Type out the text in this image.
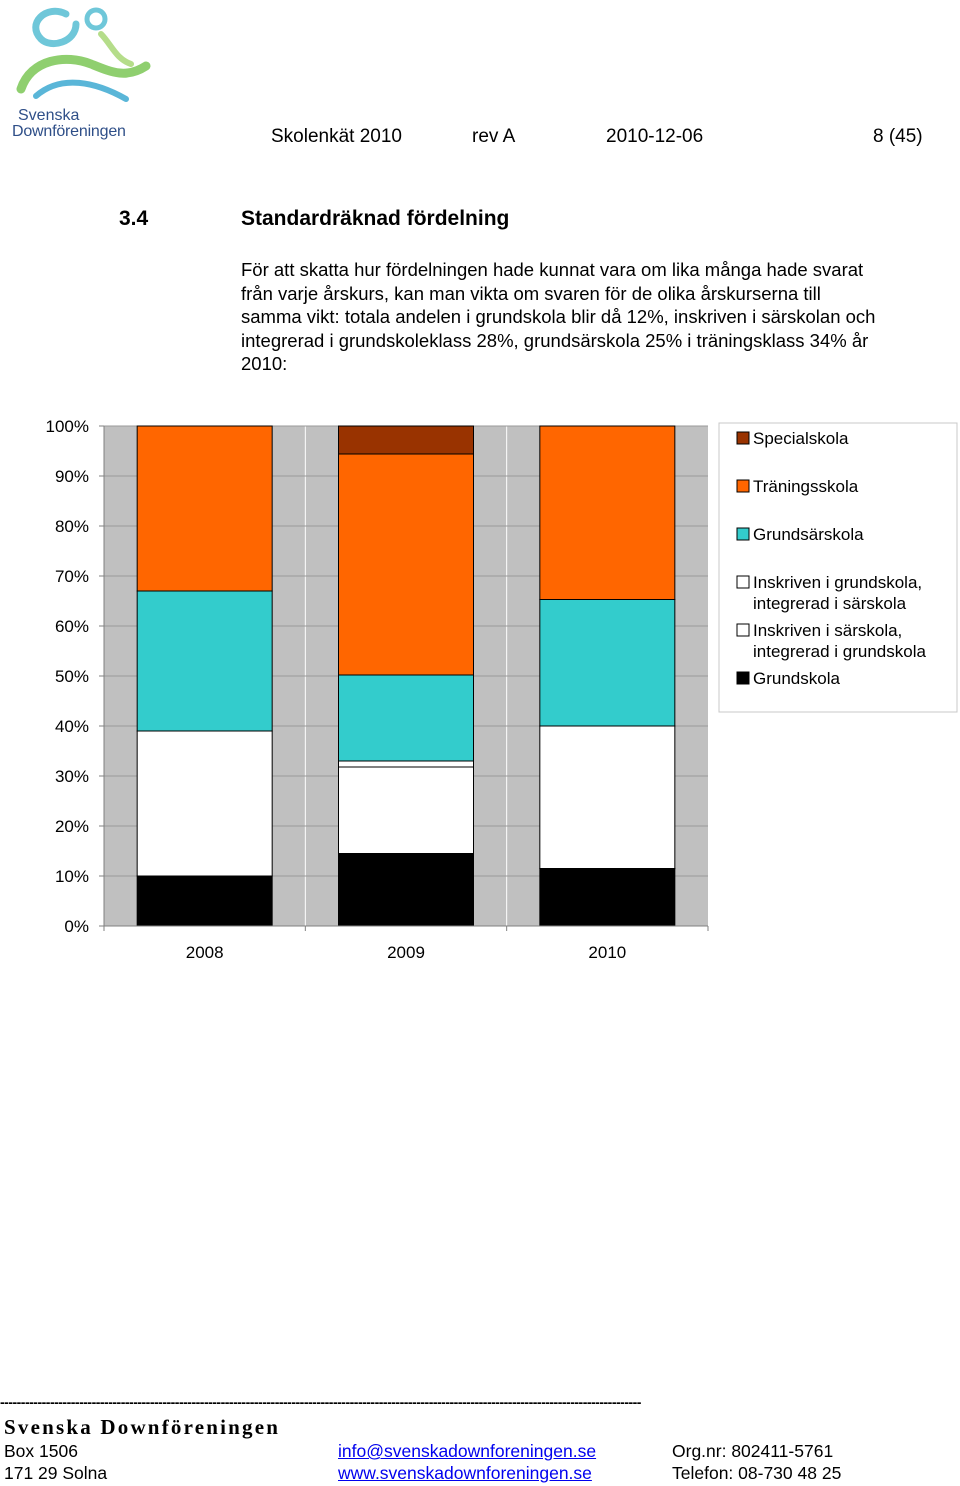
Svenska
Downföreningen	Skolenkät 2010	rev A	2010-12-06	8 (45)
3.4	Standardräknad fördelning
För att skatta hur fördelningen hade kunnat vara om lika många hade svarat
från varje årskurs, kan man vikta om svaren för de olika årskurserna till
samma vikt: totala andelen i grundskola blir då 12%, inskriven i särskolan och
integrerad i grundskoleklass 28%, grundsärskola 25% i träningsklass 34% år
2010:
0%
10%
20%
30%
40%
50%
60%
70%
80%
90%
100%
2008	2009	2010
Specialskola
Träningsskola
Grundsärskola
Inskriven i grundskola,
integrerad i särskola
Inskriven i särskola,
integrerad i grundskola
Grundskola
----------------------------------------------------------------------------------------------------------------------------------------------------------
Svenska Downföreningen
Box 1506
171 29 Solna
info@svenskadownforeningen.se
www.svenskadownforeningen.se
Org.nr: 802411-5761
Telefon: 08-730 48 25
